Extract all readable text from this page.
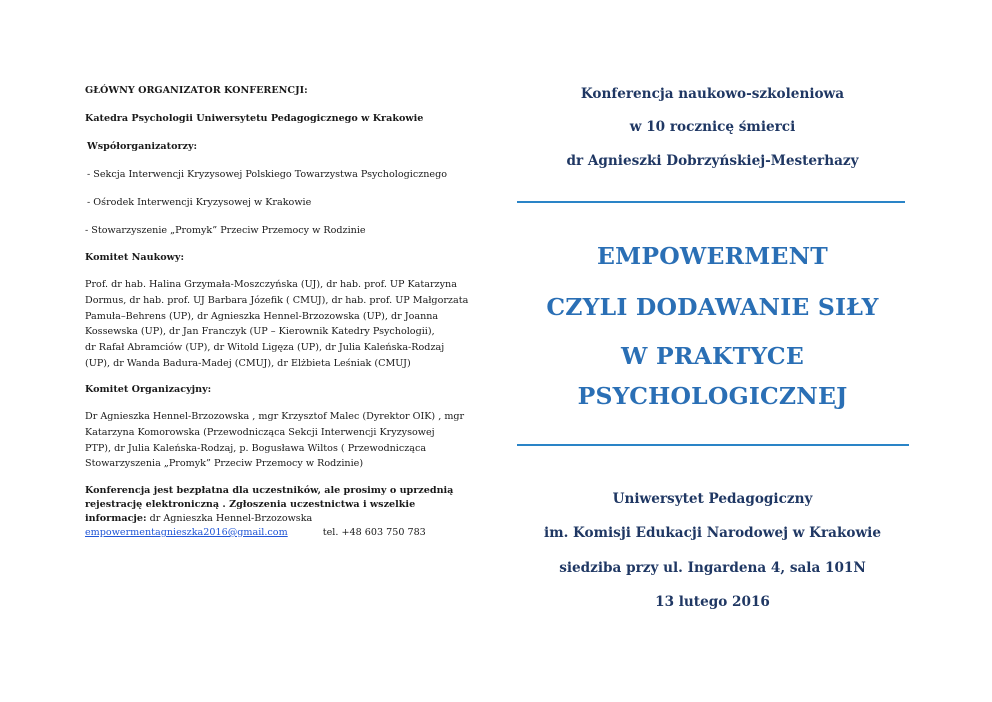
GŁÓWNY ORGANIZATOR KONFERENCJI:

Katedra Psychologii Uniwersytetu Pedagogicznego w Krakowie

Współorganizatorzy:

- Sekcja Interwencji Kryzysowej Polskiego Towarzystwa Psychologicznego

- Ośrodek Interwencji Kryzysowej w Krakowie

- Stowarzyszenie „Promyk” Przeciw Przemocy w Rodzinie

Komitet Naukowy:

Prof. dr hab. Halina Grzymała-Moszczyńska (UJ), dr hab. prof. UP Katarzyna
Dormus, dr hab. prof. UJ Barbara Józefik ( CMUJ), dr hab. prof. UP Małgorzata
Pamuła–Behrens (UP), dr Agnieszka Hennel-Brzozowska (UP), dr Joanna
Kossewska (UP), dr Jan Franczyk (UP – Kierownik Katedry Psychologii),
dr Rafał Abramciów (UP), dr Witold Ligęza (UP), dr Julia Kaleńska-Rodzaj
(UP), dr Wanda Badura-Madej (CMUJ), dr Elżbieta Leśniak (CMUJ)

Komitet Organizacyjny:

Dr Agnieszka Hennel-Brzozowska , mgr Krzysztof Malec (Dyrektor OIK) , mgr
Katarzyna Komorowska (Przewodnicząca Sekcji Interwencji Kryzysowej
PTP), dr Julia Kaleńska-Rodzaj, p. Bogusława Wiltos ( Przewodnicząca
Stowarzyszenia „Promyk” Przeciw Przemocy w Rodzinie)
Konferencja jest bezpłatna dla uczestników, ale prosimy o uprzednią
rejestrację elektroniczną . Zgłoszenia uczestnictwa i wszelkie
informacje: dr Agnieszka Hennel-Brzozowska
empowermentagnieszka2016@gmail.com	tel. +48 603 750 783
Konferencja naukowo-szkoleniowa
w 10 rocznicę śmierci
dr Agnieszki Dobrzyńskiej-Mesterhazy
EMPOWERMENT
CZYLI DODAWANIE SIŁY
W PRAKTYCE
PSYCHOLOGICZNEJ
Uniwersytet Pedagogiczny
im. Komisji Edukacji Narodowej w Krakowie
siedziba przy ul. Ingardena 4, sala 101N
13 lutego 2016
